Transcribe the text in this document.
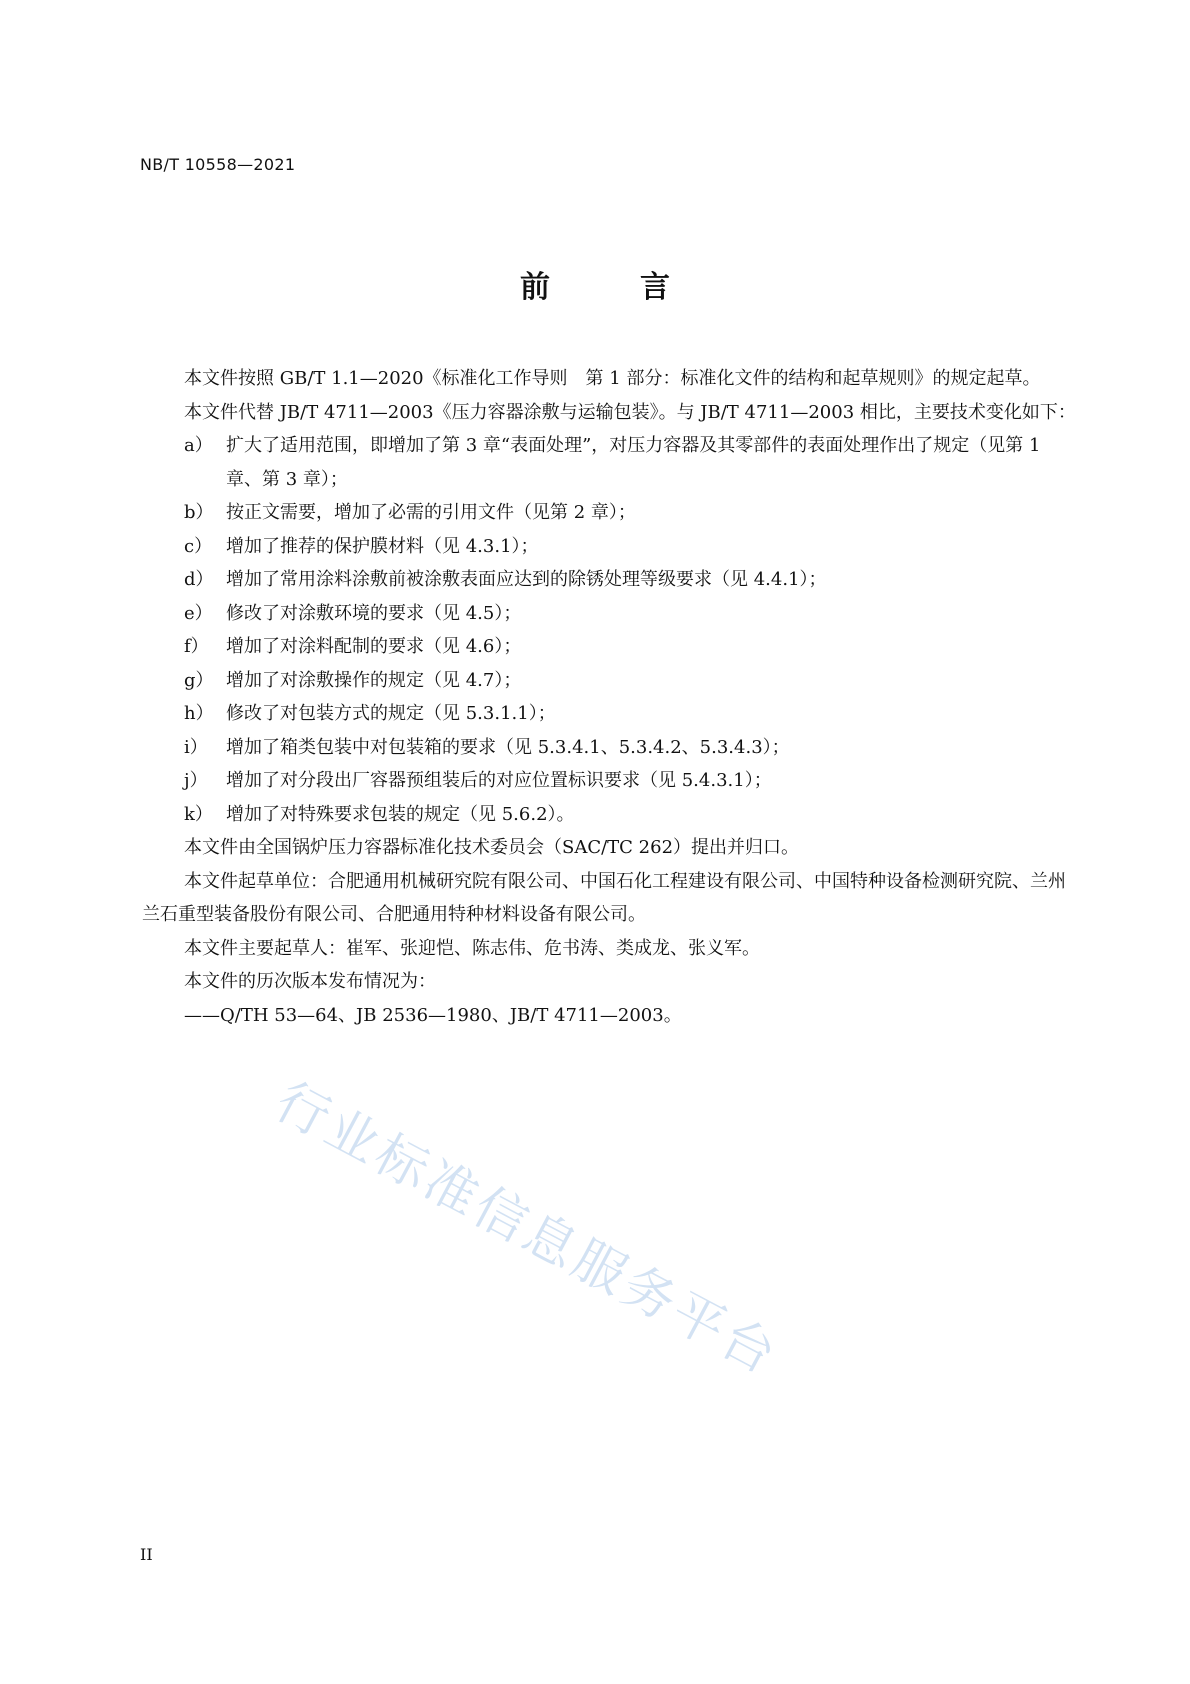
NB/T 10558—2021
前	言

本文件按照 GB/T 1.1—2020《标准化工作导则　第 1 部分：标准化文件的结构和起草规则》的规定起草。

本文件代替 JB/T 4711—2003《压力容器涂敷与运输包装》。与 JB/T 4711—2003 相比，主要技术变化如下：

a） 扩大了适用范围，即增加了第 3 章“表面处理”，对压力容器及其零部件的表面处理作出了规定（见第 1 章、第 3 章）；
b） 按正文需要，增加了必需的引用文件（见第 2 章）；
c） 增加了推荐的保护膜材料（见 4.3.1）；
d） 增加了常用涂料涂敷前被涂敷表面应达到的除锈处理等级要求（见 4.4.1）；
e） 修改了对涂敷环境的要求（见 4.5）；
f） 增加了对涂料配制的要求（见 4.6）；
g） 增加了对涂敷操作的规定（见 4.7）；
h） 修改了对包装方式的规定（见 5.3.1.1）；
i）	增加了箱类包装中对包装箱的要求（见 5.3.4.1、5.3.4.2、5.3.4.3）；
j）	增加了对分段出厂容器预组装后的对应位置标识要求（见 5.4.3.1）；
k） 增加了对特殊要求包装的规定（见 5.6.2）。

本文件由全国锅炉压力容器标准化技术委员会（SAC/TC 262）提出并归口。

本文件起草单位：合肥通用机械研究院有限公司、中国石化工程建设有限公司、中国特种设备检测研究院、兰州兰石重型装备股份有限公司、合肥通用特种材料设备有限公司。

本文件主要起草人：崔军、张迎恺、陈志伟、危书涛、类成龙、张义军。

本文件的历次版本发布情况为：

——Q/TH 53—64、JB 2536—1980、JB/T 4711—2003。

行业标准信息服务平台
II
